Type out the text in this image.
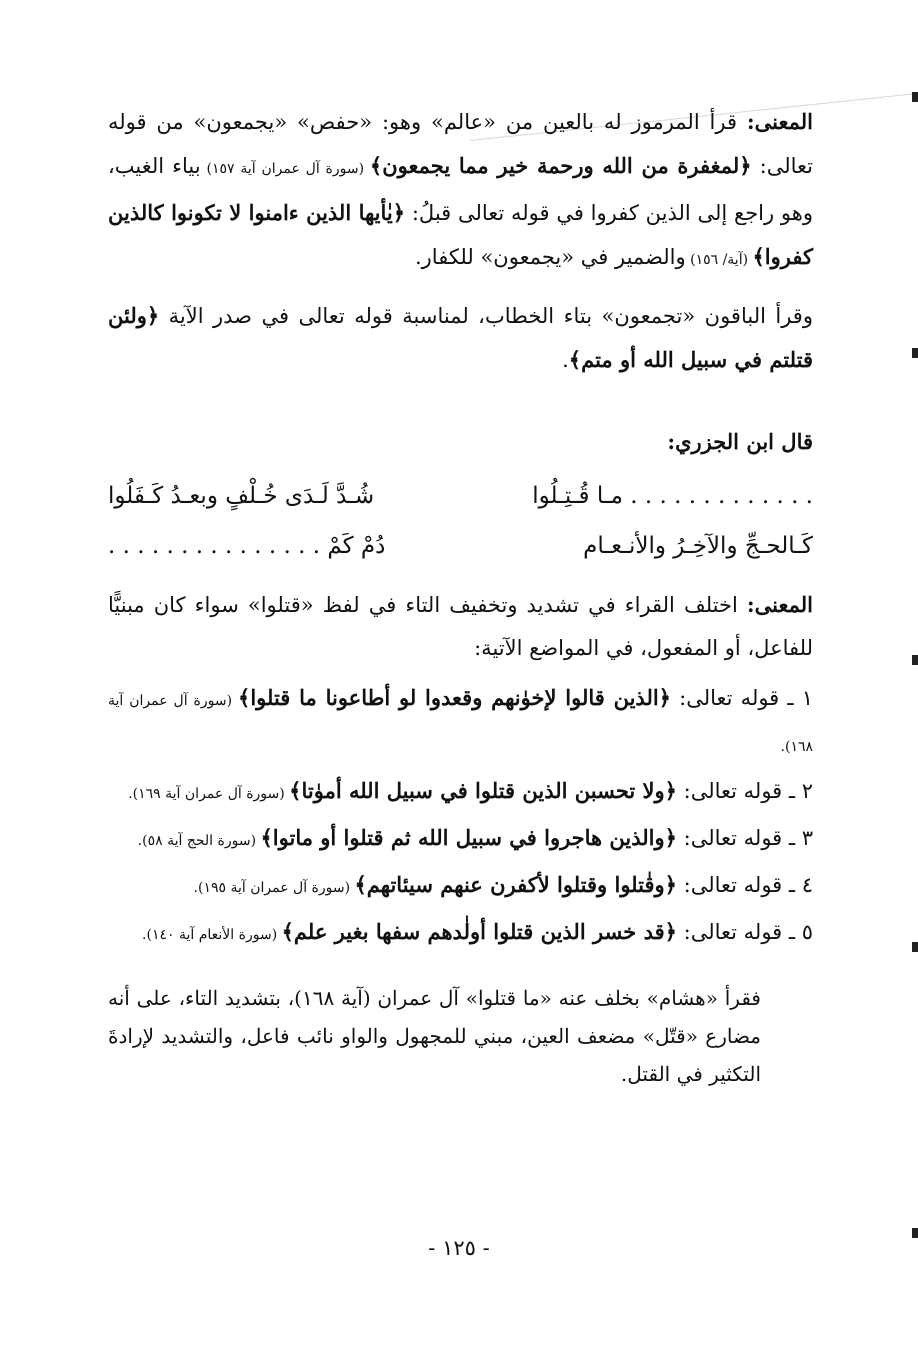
المعنى: قرأ المرموز له بالعين من «عالم» وهو: «حفص» «يجمعون» من قوله تعالى: ﴿لمغفرة من الله ورحمة خير مما يجمعون﴾ (سورة آل عمران آية ١٥٧) بياء الغيب، وهو راجع إلى الذين كفروا في قوله تعالى قبلُ: ﴿يٰأيها الذين ءامنوا لا تكونوا كالذين كفروا﴾ (آية/ ١٥٦) والضمير في «يجمعون» للكفار.

وقرأ الباقون «تجمعون» بتاء الخطاب، لمناسبة قوله تعالى في صدر الآية ﴿ولئن قتلتم في سبيل الله أو متم﴾.

قال ابن الجزري:

. . . . . . . . . . . . . مـا قُـتِـلُوا
شُـدَّ لَـدَى خُـلْفٍ وبعـدُ كَـفَلُوا
كَـالحـجِّ والآخِـرُ والأنـعـام
دُمْ كَمْ . . . . . . . . . . . . . . .

المعنى: اختلف القراء في تشديد وتخفيف التاء في لفظ «قتلوا» سواء كان مبنيًّا للفاعل، أو المفعول، في المواضع الآتية:

١ ـ قوله تعالى: ﴿الذين قالوا لإخوٰنهم وقعدوا لو أطاعونا ما قتلوا﴾ (سورة آل عمران آية ١٦٨).

٢ ـ قوله تعالى: ﴿ولا تحسبن الذين قتلوا في سبيل الله أموٰتا﴾ (سورة آل عمران آية ١٦٩).

٣ ـ قوله تعالى: ﴿والذين هاجروا في سبيل الله ثم قتلوا أو ماتوا﴾ (سورة الحج آية ٥٨).

٤ ـ قوله تعالى: ﴿وقٰتلوا وقتلوا لأكفرن عنهم سيئاتهم﴾ (سورة آل عمران آية ١٩٥).

٥ ـ قوله تعالى: ﴿قد خسر الذين قتلوا أولٰدهم سفها بغير علم﴾ (سورة الأنعام آية ١٤٠).

فقرأ «هشام» بخلف عنه «ما قتلوا» آل عمران (آية ١٦٨)، بتشديد التاء، على أنه مضارع «قتّل» مضعف العين، مبني للمجهول والواو نائب فاعل، والتشديد لإرادةَ التكثير في القتل.

- ١٢٥ -
